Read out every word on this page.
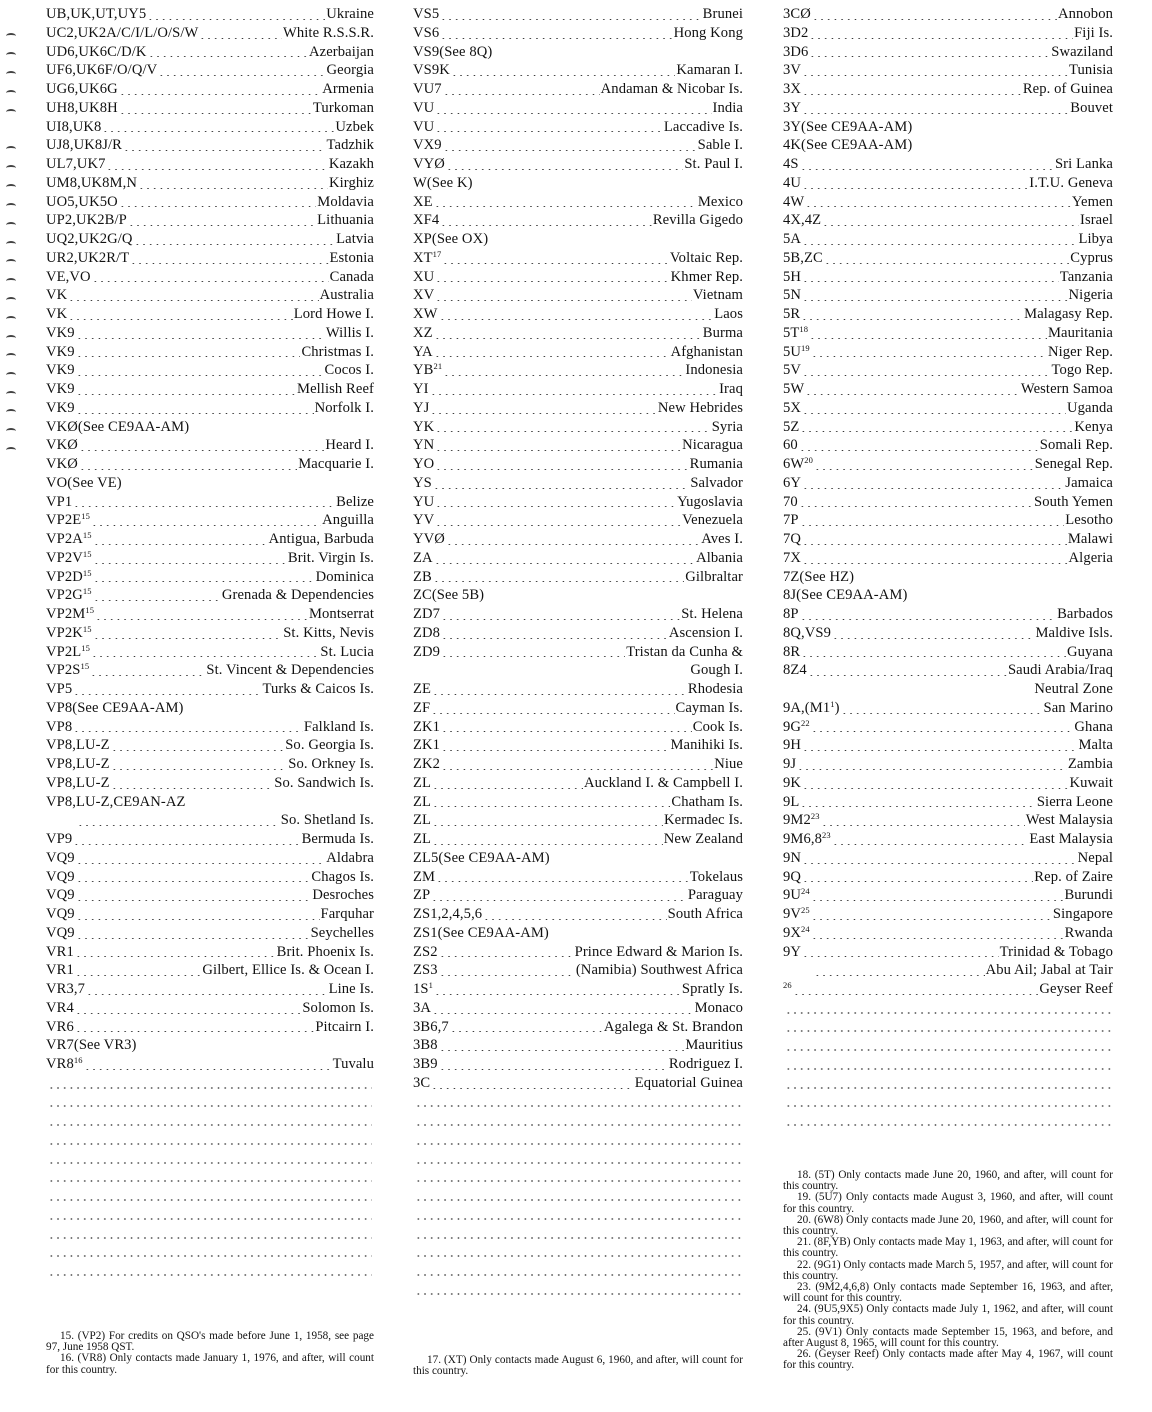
UB,UK,UT,UY5	Ukraine
UC2,UK2A/C/I/L/O/S/W	White R.S.S.R.
UD6,UK6C/D/K	Azerbaijan
UF6,UK6F/O/Q/V	Georgia
UG6,UK6G	Armenia
UH8,UK8H	Turkoman
UI8,UK8	Uzbek
UJ8,UK8J/R	Tadzhik
UL7,UK7	Kazakh
UM8,UK8M,N	Kirghiz
UO5,UK5O	Moldavia
UP2,UK2B/P	Lithuania
UQ2,UK2G/Q	Latvia
UR2,UK2R/T	Estonia
VE,VO	Canada
VK	Australia
VK	Lord Howe I.
VK9	Willis I.
VK9	Christmas I.
VK9	Cocos I.
VK9	Mellish Reef
VK9	Norfolk I.
VKØ(See CE9AA-AM)
VKØ	Heard I.
VKØ	Macquarie I.
VO(See VE)
VP1	Belize
$VP2E^{15}$	Anguilla
$VP2A^{15}$	Antigua, Barbuda
$VP2V^{15}$	Brit. Virgin Is.
$VP2D^{15}$	Dominica
$VP2G^{15}$	Grenada & Dependencies
$VP2M^{15}$	Montserrat
$VP2K^{15}$	St. Kitts, Nevis
$VP2L^{15}$	St. Lucia
$VP2S^{15}$	St. Vincent & Dependencies
VP5	Turks & Caicos Is.
VP8(See CE9AA-AM)
VP8	Falkland Is.
VP8,LU-Z	So. Georgia Is.
VP8,LU-Z	So. Orkney Is.
VP8,LU-Z	So. Sandwich Is.
VP8,LU-Z,CE9AN-AZ
So. Shetland Is.
VP9	Bermuda Is.
VQ9	Aldabra
VQ9	Chagos Is.
VQ9	Desroches
VQ9	Farquhar
VQ9	Seychelles
VR1	Brit. Phoenix Is.
VR1	Gilbert, Ellice Is. & Ocean I.
VR3,7	Line Is.
VR4	Solomon Is.
VR6	Pitcairn I.
VR7(See VR3)
$VR8^{16}$	Tuvalu
VS5	Brunei
VS6	Hong Kong
VS9(See 8Q)
VS9K	Kamaran I.
VU7	Andaman & Nicobar Is.
VU	India
VU	Laccadive Is.
VX9	Sable I.
VYØ	St. Paul I.
W(See K)
XE	Mexico
XF4	Revilla Gigedo
XP(See OX)
XT$^{17}$	Voltaic Rep.
XU	Khmer Rep.
XV	Vietnam
XW	Laos
XZ	Burma
YA	Afghanistan
YB$^{21}$	Indonesia
YI	Iraq
YJ	New Hebrides
YK	Syria
YN	Nicaragua
YO	Rumania
YS	Salvador
YU	Yugoslavia
YV	Venezuela
YVØ	Aves I.
ZA	Albania
ZB	Gilbraltar
ZC(See 5B)
ZD7	St. Helena
ZD8	Ascension I.
ZD9	Tristan da Cunha &
Gough I.
ZE	Rhodesia
ZF	Cayman Is.
ZK1	Cook Is.
ZK1	Manihiki Is.
ZK2	Niue
ZL	Auckland I. & Campbell I.
ZL	Chatham Is.
ZL	Kermadec Is.
ZL	New Zealand
ZL5(See CE9AA-AM)
ZM	Tokelaus
ZP	Paraguay
ZS1,2,4,5,6	South Africa
ZS1(See CE9AA-AM)
ZS2	Prince Edward & Marion Is.
ZS3	(Namibia) Southwest Africa
$1S^1$	Spratly Is.
3A	Monaco
3B6,7	Agalega & St. Brandon
3B8	Mauritius
3B9	Rodriguez I.
3C	Equatorial Guinea
3CØ	Annobon
3D2	Fiji Is.
3D6	Swaziland
3V	Tunisia
3X	Rep. of Guinea
3Y	Bouvet
3Y(See CE9AA-AM)
4K(See CE9AA-AM)
4S	Sri Lanka
4U	I.T.U. Geneva
4W	Yemen
4X,4Z	Israel
5A	Libya
5B,ZC	Cyprus
5H	Tanzania
5N	Nigeria
5R	Malagasy Rep.
$5T^{18}$	Mauritania
$5U^{19}$	Niger Rep.
5V	Togo Rep.
5W	Western Samoa
5X	Uganda
5Z	Kenya
60	Somali Rep.
$6W^{20}$	Senegal Rep.
6Y	Jamaica
70	South Yemen
7P	Lesotho
7Q	Malawi
7X	Algeria
7Z(See HZ)
8J(See CE9AA-AM)
8P	Barbados
8Q,VS9	Maldive Isls.
8R	Guyana
8Z4	Saudi Arabia/Iraq
Neutral Zone
$9A,(M1^1)$	San Marino
$9G^{22}$	Ghana
9H	Malta
9J	Zambia
9K	Kuwait
9L	Sierra Leone
$9M2^{23}$	West Malaysia
$9M6,8^{23}$	East Malaysia
9N	Nepal
9Q	Rep. of Zaire
$9U^{24}$	Burundi
$9V^{25}$	Singapore
$9X^{24}$	Rwanda
9Y	Trinidad & Tobago
Abu Ail; Jabal at Tair
$^{26}$	Geyser Reef

15. (VP2) For credits on QSO's made before June 1, 1958, see page 97, June 1958 QST.

16. (VR8) Only contacts made January 1, 1976, and after, will count for this country.

17. (XT) Only contacts made August 6, 1960, and after, will count for this country.

18. (5T) Only contacts made June 20, 1960, and after, will count for this country.

19. (5U7) Only contacts made August 3, 1960, and after, will count for this country.

20. (6W8) Only contacts made June 20, 1960, and after, will count for this country.

21. (8F,YB) Only contacts made May 1, 1963, and after, will count for this country.

22. (9G1) Only contacts made March 5, 1957, and after, will count for this country.

23. (9M2,4,6,8) Only contacts made September 16, 1963, and after, will count for this country.

24. (9U5,9X5) Only contacts made July 1, 1962, and after, will count for this country.

25. (9V1) Only contacts made September 15, 1963, and before, and after August 8, 1965, will count for this country.

26. (Geyser Reef) Only contacts made after May 4, 1967, will count for this country.
